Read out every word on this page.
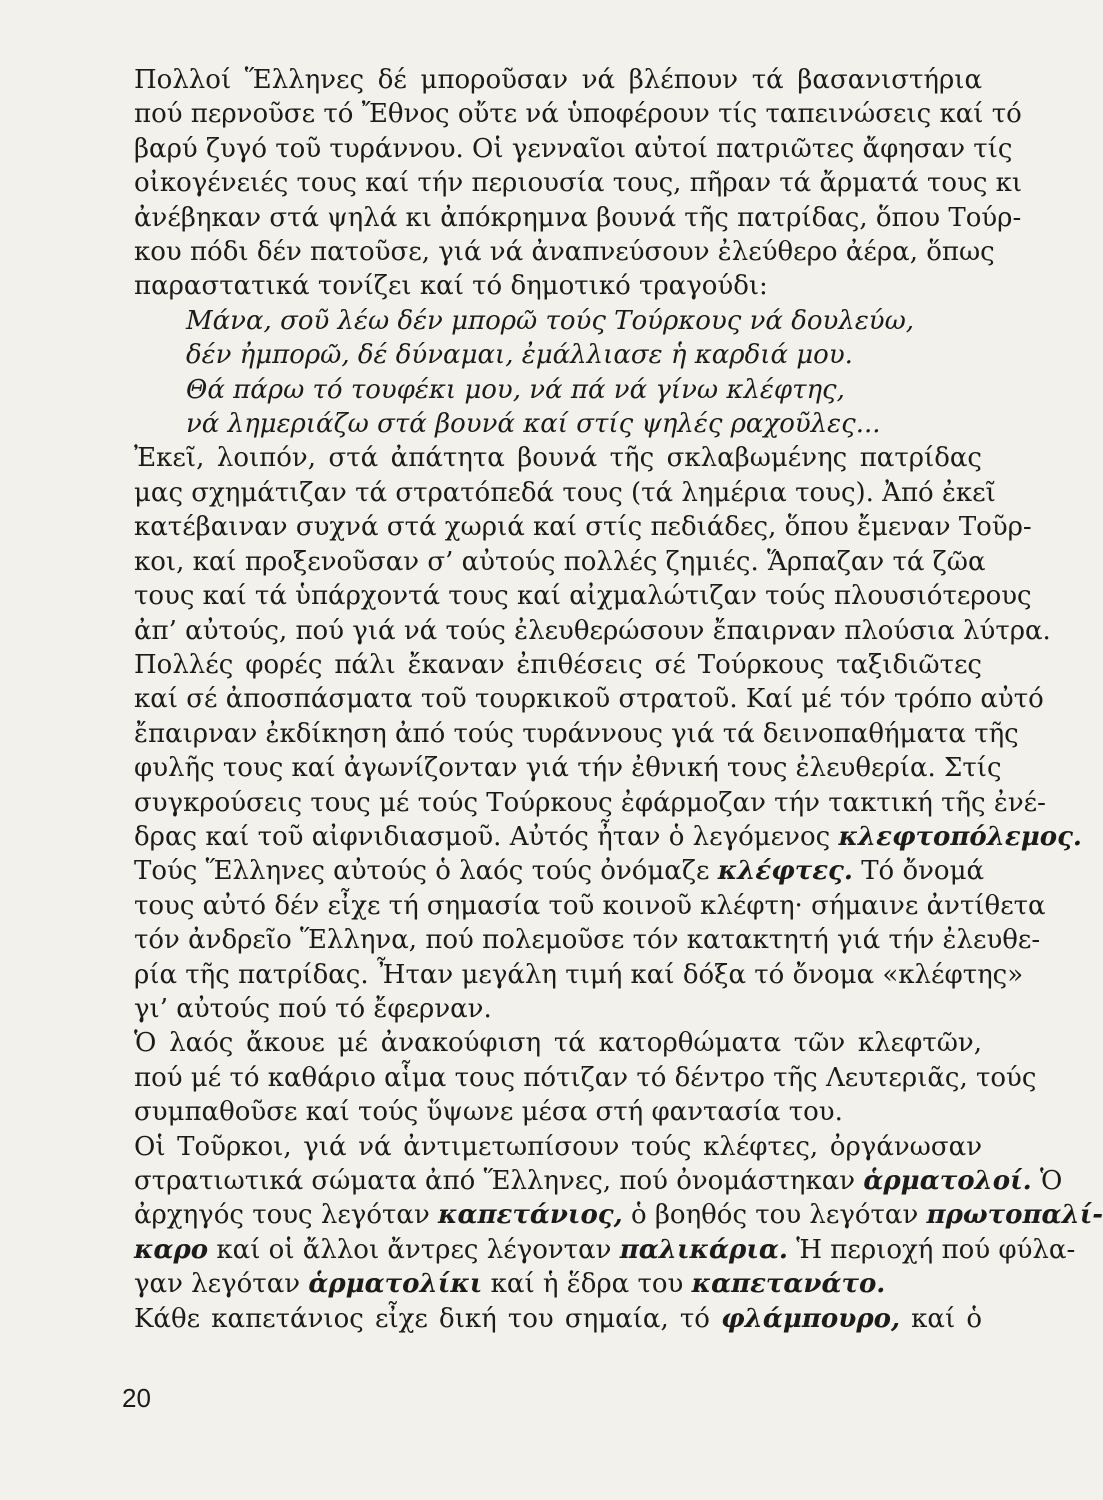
Πολλοί Ἕλληνες δέ μποροῦσαν νά βλέπουν τά βασανιστήρια
πού περνοῦσε τό Ἔθνος οὔτε νά ὑποφέρουν τίς ταπεινώσεις καί τό
βαρύ ζυγό τοῦ τυράννου. Οἱ γενναῖοι αὐτοί πατριῶτες ἄφησαν τίς
οἰκογένειές τους καί τήν περιουσία τους, πῆραν τά ἄρματά τους κι
ἀνέβηκαν στά ψηλά κι ἀπόκρημνα βουνά τῆς πατρίδας, ὅπου Τούρ-
κου πόδι δέν πατοῦσε, γιά νά ἀναπνεύσουν ἐλεύθερο ἀέρα, ὅπως
παραστατικά τονίζει καί τό δημοτικό τραγούδι:

Μάνα, σοῦ λέω δέν μπορῶ τούς Τούρκους νά δουλεύω,
δέν ἠμπορῶ, δέ δύναμαι, ἐμάλλιασε ἡ καρδιά μου.
Θά πάρω τό τουφέκι μου, νά πά νά γίνω κλέφτης,
νά λημεριάζω στά βουνά καί στίς ψηλές ραχοῦλες...

Ἐκεῖ, λοιπόν, στά ἀπάτητα βουνά τῆς σκλαβωμένης πατρίδας
μας σχημάτιζαν τά στρατόπεδά τους (τά λημέρια τους). Ἀπό ἐκεῖ
κατέβαιναν συχνά στά χωριά καί στίς πεδιάδες, ὅπου ἔμεναν Τοῦρ-
κοι, καί προξενοῦσαν σ’ αὐτούς πολλές ζημιές. Ἅρπαζαν τά ζῶα
τους καί τά ὑπάρχοντά τους καί αἰχμαλώτιζαν τούς πλουσιότερους
ἀπ’ αὐτούς, πού γιά νά τούς ἐλευθερώσουν ἔπαιρναν πλούσια λύτρα.

Πολλές φορές πάλι ἔκαναν ἐπιθέσεις σέ Τούρκους ταξιδιῶτες
καί σέ ἀποσπάσματα τοῦ τουρκικοῦ στρατοῦ. Καί μέ τόν τρόπο αὐτό
ἔπαιρναν ἐκδίκηση ἀπό τούς τυράννους γιά τά δεινοπαθήματα τῆς
φυλῆς τους καί ἀγωνίζονταν γιά τήν ἐθνική τους ἐλευθερία. Στίς
συγκρούσεις τους μέ τούς Τούρκους ἐφάρμοζαν τήν τακτική τῆς ἐνέ-
δρας καί τοῦ αἰφνιδιασμοῦ. Αὐτός ἦταν ὁ λεγόμενος κλεφτοπόλεμος.

Τούς Ἕλληνες αὐτούς ὁ λαός τούς ὀνόμαζε κλέφτες. Τό ὄνομά
τους αὐτό δέν εἶχε τή σημασία τοῦ κοινοῦ κλέφτη· σήμαινε ἀντίθετα
τόν ἀνδρεῖο Ἕλληνα, πού πολεμοῦσε τόν κατακτητή γιά τήν ἐλευθε-
ρία τῆς πατρίδας. Ἦταν μεγάλη τιμή καί δόξα τό ὄνομα «κλέφτης»
γι’ αὐτούς πού τό ἔφερναν.

Ὁ λαός ἄκουε μέ ἀνακούφιση τά κατορθώματα τῶν κλεφτῶν,
πού μέ τό καθάριο αἷμα τους πότιζαν τό δέντρο τῆς Λευτεριᾶς, τούς
συμπαθοῦσε καί τούς ὕψωνε μέσα στή φαντασία του.

Οἱ Τοῦρκοι, γιά νά ἀντιμετωπίσουν τούς κλέφτες, ὀργάνωσαν
στρατιωτικά σώματα ἀπό Ἕλληνες, πού ὀνομάστηκαν ἁρματολοί. Ὁ
ἀρχηγός τους λεγόταν καπετάνιος, ὁ βοηθός του λεγόταν πρωτοπαλί-
καρο καί οἱ ἄλλοι ἄντρες λέγονταν παλικάρια. Ἡ περιοχή πού φύλα-
γαν λεγόταν ἁρματολίκι καί ἡ ἕδρα του καπετανάτο.

Κάθε καπετάνιος εἶχε δική του σημαία, τό φλάμπουρο, καί ὁ

20
